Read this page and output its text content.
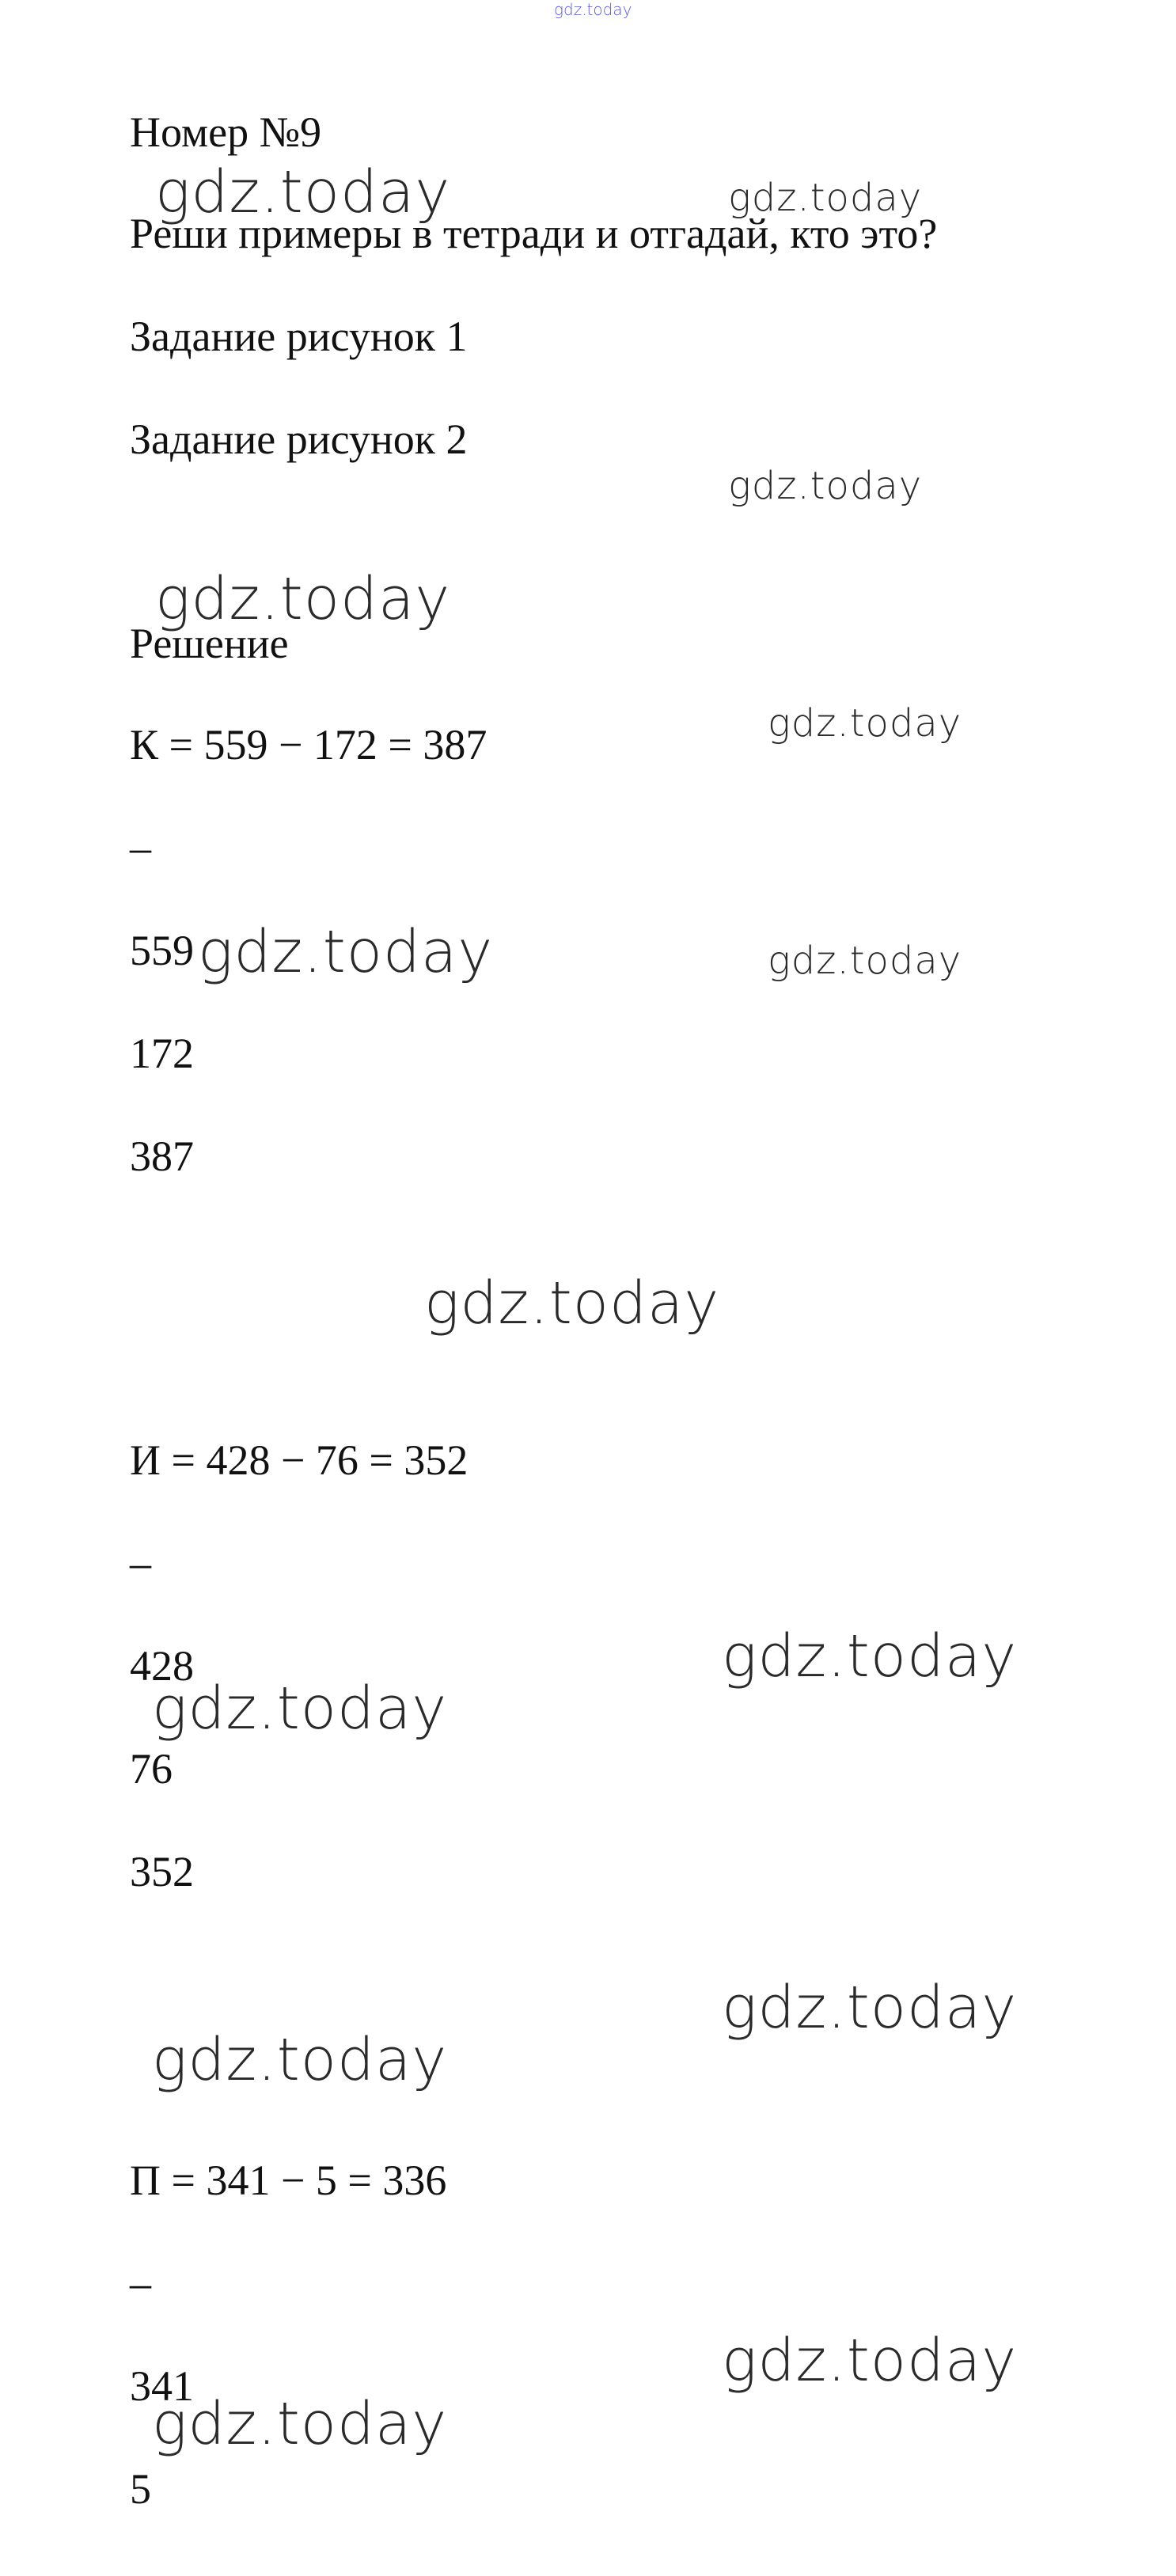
Номер №9

Реши примеры в тетради и отгадай, кто это?

Задание рисунок 1

Задание рисунок 2

Решение

К = 559 − 172 = 387

–

559

172

387

И = 428 − 76 = 352

–

428

76

352

П = 341 − 5 = 336

–

341

5

gdz.today
gdz.today	gdz.today
gdz.today
gdz.today
gdz.today
gdz.today	gdz.today
gdz.today
gdz.today
gdz.today
gdz.today
gdz.today
gdz.today
gdz.today
